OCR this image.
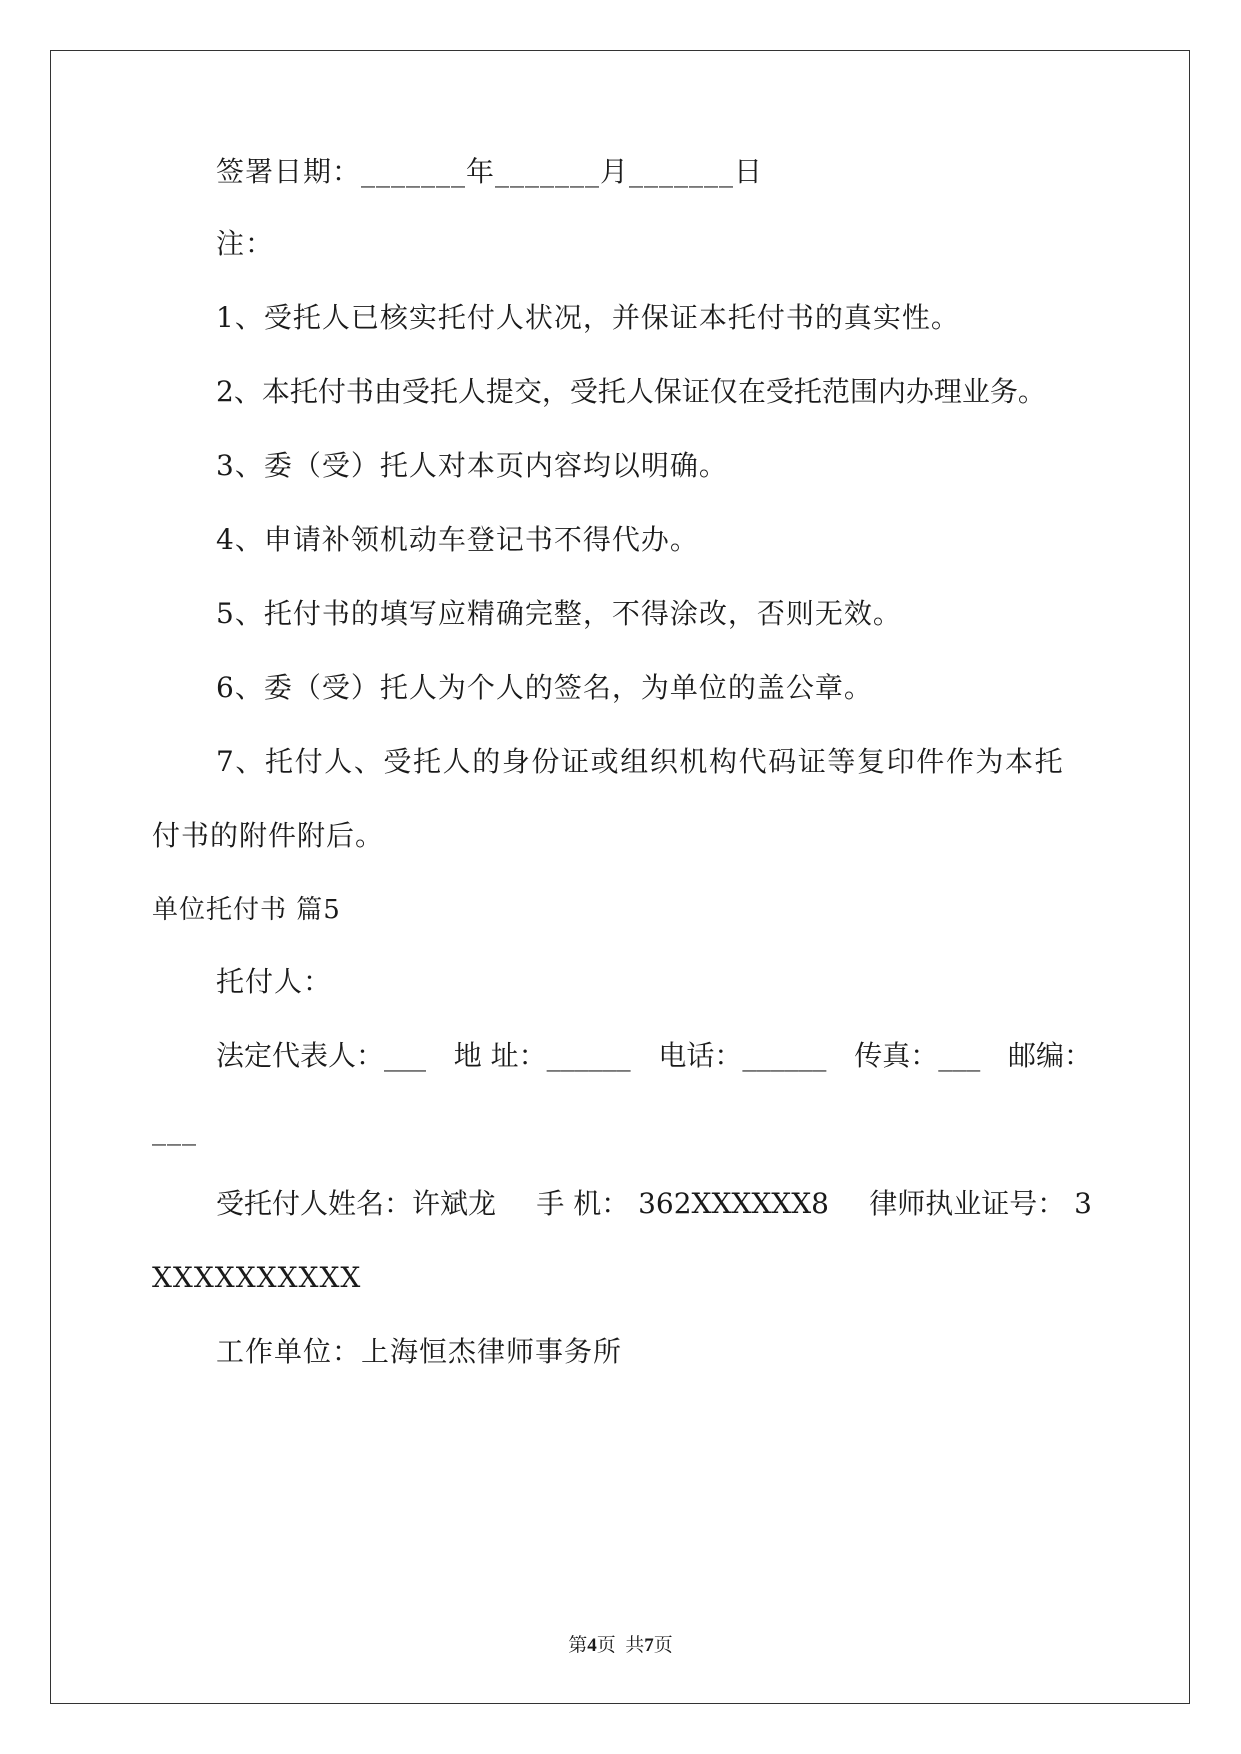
签署日期：_______年_______月_______日
注：
1、受托人已核实托付人状况，并保证本托付书的真实性。
2、本托付书由受托人提交，受托人保证仅在受托范围内办理业务。
3、委（受）托人对本页内容均以明确。
4、申请补领机动车登记书不得代办。
5、托付书的填写应精确完整，不得涂改，否则无效。
6、委（受）托人为个人的签名，为单位的盖公章。
7、托付人、受托人的身份证或组织机构代码证等复印件作为本托
付书的附件附后。
单位托付书 篇5
托付人：
法定代表人：___ 地 址：______ 电话：______ 传真：___ 邮编：
___
受托付人姓名：许斌龙 手 机： 362XXXXXX8 律师执业证号： 3
XXXXXXXXXX
工作单位：上海恒杰律师事务所
第4页  共7页
